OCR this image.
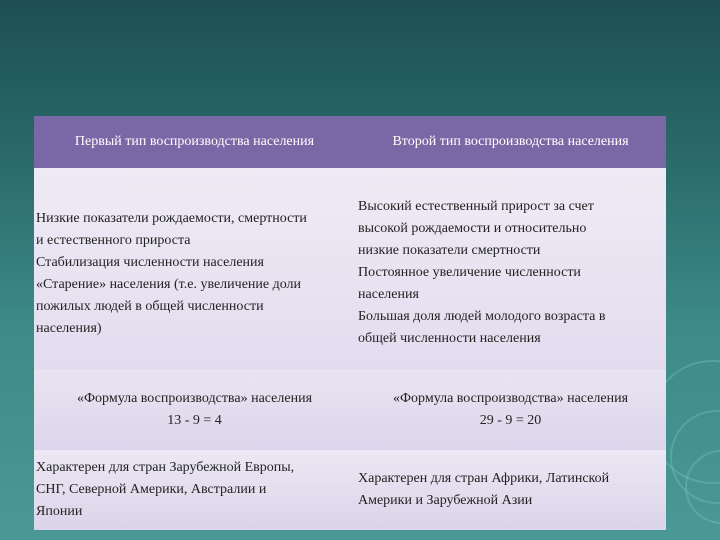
Первый тип воспроизводства населения	Второй тип воспроизводства населения
Низкие показатели рождаемости, смертности
и естественного прироста
Стабилизация численности населения
«Старение» населения (т.е. увеличение доли
пожилых людей в общей численности
населения)
Высокий естественный прирост за счет
высокой рождаемости и относительно
низкие показатели смертности
Постоянное увеличение численности
населения
Большая доля людей молодого возраста в
общей численности населения
«Формула воспроизводства» населения
13 - 9 = 4
«Формула воспроизводства» населения
29 - 9 = 20
Характерен для стран Зарубежной Европы,
СНГ, Северной Америки, Австралии и
Японии
Характерен для стран Африки, Латинской
Америки и Зарубежной Азии
